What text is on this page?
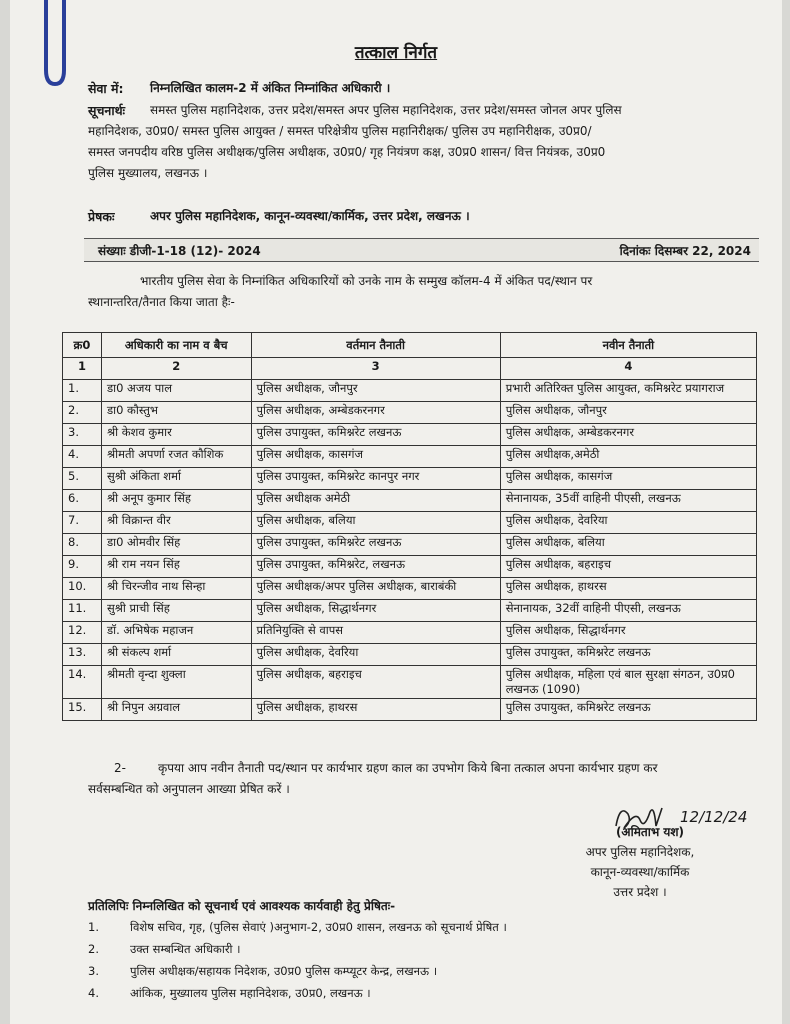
तत्काल निर्गत
सेवा में: निम्नलिखित कालम-2 में अंकित निम्नांकित अधिकारी ।
सूचनार्थः समस्त पुलिस महानिदेशक, उत्तर प्रदेश/समस्त अपर पुलिस महानिदेशक, उत्तर प्रदेश/समस्त जोनल अपर पुलिस
महानिदेशक, उ0प्र0/ समस्त पुलिस आयुक्त / समस्त परिक्षेत्रीय पुलिस महानिरीक्षक/ पुलिस उप महानिरीक्षक, उ0प्र0/
समस्त जनपदीय वरिष्ठ पुलिस अधीक्षक/पुलिस अधीक्षक, उ0प्र0/ गृह नियंत्रण कक्ष, उ0प्र0 शासन/ वित्त नियंत्रक, उ0प्र0
पुलिस मुख्यालय, लखनऊ ।
प्रेषकः	अपर पुलिस महानिदेशक, कानून-व्यवस्था/कार्मिक, उत्तर प्रदेश, लखनऊ ।
संख्याः डीजी-1-18 (12)- 2024	दिनांकः दिसम्बर 22, 2024
भारतीय पुलिस सेवा के निम्नांकित अधिकारियों को उनके नाम के सम्मुख कॉलम-4 में अंकित पद/स्थान पर
स्थानान्तरित/तैनात किया जाता हैः-
क्र0	अधिकारी का नाम व बैच	वर्तमान तैनाती	नवीन तैनाती
1	2	3	4
1.	डा0 अजय पाल	पुलिस अधीक्षक, जौनपुर	प्रभारी अतिरिक्त पुलिस आयुक्त, कमिश्नरेट प्रयागराज
2.	डा0 कौस्तुभ	पुलिस अधीक्षक, अम्बेडकरनगर	पुलिस अधीक्षक, जौनपुर
3.	श्री केशव कुमार	पुलिस उपायुक्त, कमिश्नरेट लखनऊ	पुलिस अधीक्षक, अम्बेडकरनगर
4.	श्रीमती अपर्णा रजत कौशिक	पुलिस अधीक्षक, कासगंज	पुलिस अधीक्षक,अमेठी
5.	सुश्री अंकिता शर्मा	पुलिस उपायुक्त, कमिश्नरेट कानपुर नगर	पुलिस अधीक्षक, कासगंज
6.	श्री अनूप कुमार सिंह	पुलिस अधीक्षक अमेठी	सेनानायक, 35वीं वाहिनी पीएसी, लखनऊ
7.	श्री विक्रान्त वीर	पुलिस अधीक्षक, बलिया	पुलिस अधीक्षक, देवरिया
8.	डा0 ओमवीर सिंह	पुलिस उपायुक्त, कमिश्नरेट लखनऊ	पुलिस अधीक्षक, बलिया
9.	श्री राम नयन सिंह	पुलिस उपायुक्त, कमिश्नरेट, लखनऊ	पुलिस अधीक्षक, बहराइच
10.	श्री चिरन्जीव नाथ सिन्हा	पुलिस अधीक्षक/अपर पुलिस अधीक्षक, बाराबंकी	पुलिस अधीक्षक, हाथरस
11.	सुश्री प्राची सिंह	पुलिस अधीक्षक, सिद्धार्थनगर	सेनानायक, 32वीं वाहिनी पीएसी, लखनऊ
12.	डॉ. अभिषेक महाजन	प्रतिनियुक्ति से वापस	पुलिस अधीक्षक, सिद्धार्थनगर
13.	श्री संकल्प शर्मा	पुलिस अधीक्षक, देवरिया	पुलिस उपायुक्त, कमिश्नरेट लखनऊ
14.	श्रीमती वृन्दा शुक्ला	पुलिस अधीक्षक, बहराइच	पुलिस अधीक्षक, महिला एवं बाल सुरक्षा संगठन, उ0प्र0 लखनऊ (1090)
15.	श्री निपुन अग्रवाल	पुलिस अधीक्षक, हाथरस	पुलिस उपायुक्त, कमिश्नरेट लखनऊ
2-	कृपया आप नवीन तैनाती पद/स्थान पर कार्यभार ग्रहण काल का उपभोग किये बिना तत्काल अपना कार्यभार ग्रहण कर
सर्वसम्बन्धित को अनुपालन आख्या प्रेषित करें ।
12/12/24
(अमिताभ यश)
अपर पुलिस महानिदेशक,
कानून-व्यवस्था/कार्मिक
उत्तर प्रदेश ।
प्रतिलिपिः निम्नलिखित को सूचनार्थ एवं आवश्यक कार्यवाही हेतु प्रेषितः-
1.	विशेष सचिव, गृह, (पुलिस सेवाएं )अनुभाग-2, उ0प्र0 शासन, लखनऊ को सूचनार्थ प्रेषित ।
2.	उक्त सम्बन्धित अधिकारी ।
3.	पुलिस अधीक्षक/सहायक निदेशक, उ0प्र0 पुलिस कम्प्यूटर केन्द्र, लखनऊ ।
4.	आंकिक, मुख्यालय पुलिस महानिदेशक, उ0प्र0, लखनऊ ।
